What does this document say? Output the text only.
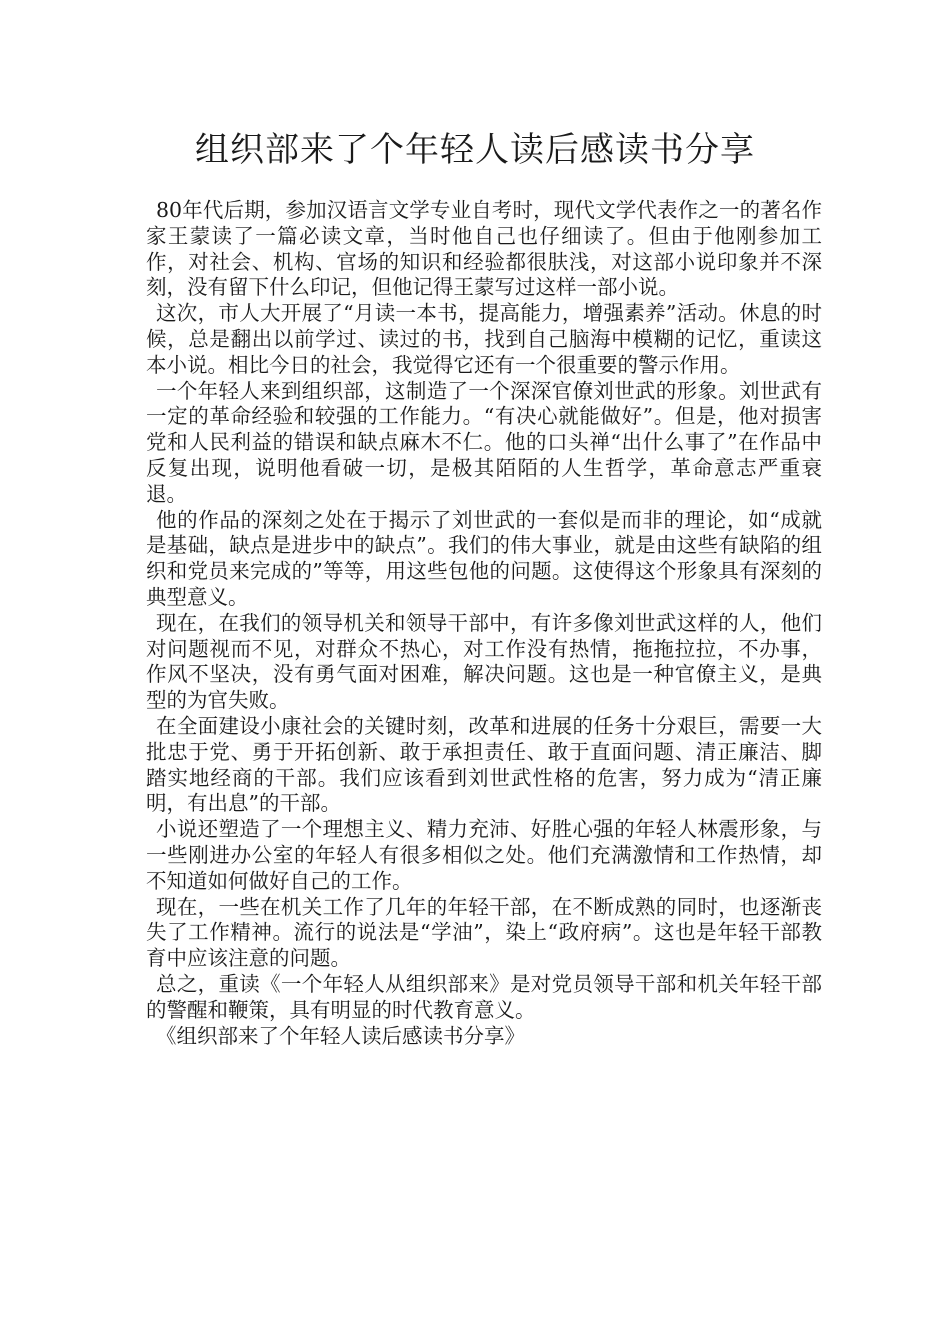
组织部来了个年轻人读后感读书分享

80年代后期，参加汉语言文学专业自考时，现代文学代表作之一的著名作家王蒙读了一篇必读文章，当时他自己也仔细读了。但由于他刚参加工作，对社会、机构、官场的知识和经验都很肤浅，对这部小说印象并不深刻，没有留下什么印记，但他记得王蒙写过这样一部小说。

这次，市人大开展了“月读一本书，提高能力，增强素养”活动。休息的时候，总是翻出以前学过、读过的书，找到自己脑海中模糊的记忆，重读这本小说。相比今日的社会，我觉得它还有一个很重要的警示作用。

一个年轻人来到组织部，这制造了一个深深官僚刘世武的形象。刘世武有一定的革命经验和较强的工作能力。“有决心就能做好”。但是，他对损害党和人民利益的错误和缺点麻木不仁。他的口头禅“出什么事了”在作品中反复出现，说明他看破一切，是极其陌陌的人生哲学，革命意志严重衰退。

他的作品的深刻之处在于揭示了刘世武的一套似是而非的理论，如“成就是基础，缺点是进步中的缺点”。我们的伟大事业，就是由这些有缺陷的组织和党员来完成的”等等，用这些包他的问题。这使得这个形象具有深刻的典型意义。

现在，在我们的领导机关和领导干部中，有许多像刘世武这样的人，他们对问题视而不见，对群众不热心，对工作没有热情，拖拖拉拉，不办事，作风不坚决，没有勇气面对困难，解决问题。这也是一种官僚主义，是典型的为官失败。

在全面建设小康社会的关键时刻，改革和进展的任务十分艰巨，需要一大批忠于党、勇于开拓创新、敢于承担责任、敢于直面问题、清正廉洁、脚踏实地经商的干部。我们应该看到刘世武性格的危害，努力成为“清正廉明，有出息”的干部。

小说还塑造了一个理想主义、精力充沛、好胜心强的年轻人林震形象，与一些刚进办公室的年轻人有很多相似之处。他们充满激情和工作热情，却不知道如何做好自己的工作。

现在，一些在机关工作了几年的年轻干部，在不断成熟的同时，也逐渐丧失了工作精神。流行的说法是“学油”，染上“政府病”。这也是年轻干部教育中应该注意的问题。

总之，重读《一个年轻人从组织部来》是对党员领导干部和机关年轻干部的警醒和鞭策，具有明显的时代教育意义。

《组织部来了个年轻人读后感读书分享》
